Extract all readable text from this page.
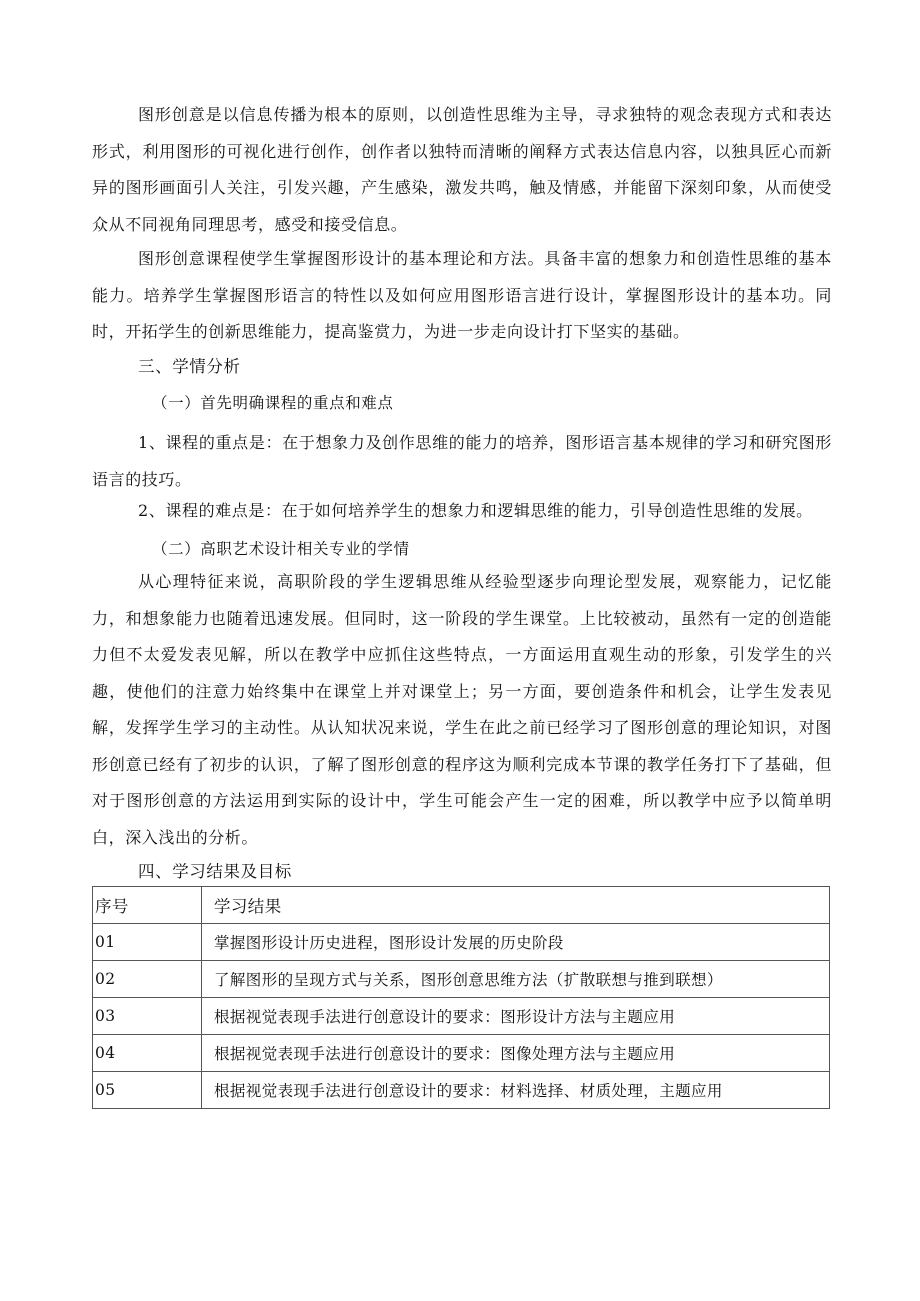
图形创意是以信息传播为根本的原则，以创造性思维为主导，寻求独特的观念表现方式和表达形式，利用图形的可视化进行创作，创作者以独特而清晰的阐释方式表达信息内容，以独具匠心而新异的图形画面引人关注，引发兴趣，产生感染，激发共鸣，触及情感，并能留下深刻印象，从而使受众从不同视角同理思考，感受和接受信息。

图形创意课程使学生掌握图形设计的基本理论和方法。具备丰富的想象力和创造性思维的基本能力。培养学生掌握图形语言的特性以及如何应用图形语言进行设计，掌握图形设计的基本功。同时，开拓学生的创新思维能力，提高鉴赏力，为进一步走向设计打下坚实的基础。

三、学情分析

（一）首先明确课程的重点和难点

1、课程的重点是：在于想象力及创作思维的能力的培养，图形语言基本规律的学习和研究图形语言的技巧。

2、课程的难点是：在于如何培养学生的想象力和逻辑思维的能力，引导创造性思维的发展。

（二）高职艺术设计相关专业的学情

从心理特征来说，高职阶段的学生逻辑思维从经验型逐步向理论型发展，观察能力，记忆能力，和想象能力也随着迅速发展。但同时，这一阶段的学生课堂。上比较被动，虽然有一定的创造能力但不太爱发表见解，所以在教学中应抓住这些特点，一方面运用直观生动的形象，引发学生的兴趣，使他们的注意力始终集中在课堂上并对课堂上；另一方面，要创造条件和机会，让学生发表见解，发挥学生学习的主动性。从认知状况来说，学生在此之前已经学习了图形创意的理论知识，对图形创意已经有了初步的认识，了解了图形创意的程序这为顺利完成本节课的教学任务打下了基础，但对于图形创意的方法运用到实际的设计中，学生可能会产生一定的困难，所以教学中应予以简单明白，深入浅出的分析。

四、学习结果及目标

序号	学习结果
01	掌握图形设计历史进程，图形设计发展的历史阶段
02	了解图形的呈现方式与关系，图形创意思维方法（扩散联想与推到联想）
03	根据视觉表现手法进行创意设计的要求：图形设计方法与主题应用
04	根据视觉表现手法进行创意设计的要求：图像处理方法与主题应用
05	根据视觉表现手法进行创意设计的要求：材料选择、材质处理，主题应用
